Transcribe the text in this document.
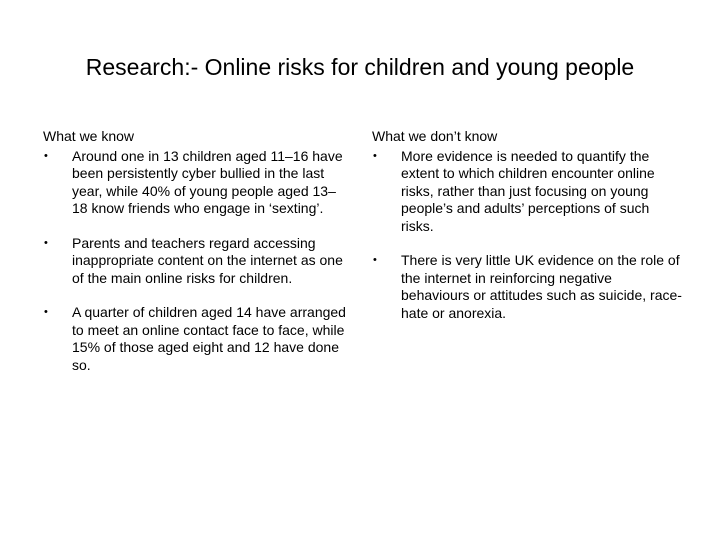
Research:- Online risks for children and young people
What we know
•	Around one in 13 children aged 11–16 have been persistently cyber bullied in the last year, while 40% of young people aged 13–18 know friends who engage in ‘sexting’.
•	Parents and teachers regard accessing inappropriate content on the internet as one of the main online risks for children.
•	A quarter of children aged 14 have arranged to meet an online contact face to face, while 15% of those aged eight and 12 have done so.
What we don’t know
•	More evidence is needed to quantify the extent to which children encounter online risks, rather than just focusing on young people’s and adults’ perceptions of such risks.
•	There is very little UK evidence on the role of the internet in reinforcing negative behaviours or attitudes such as suicide, race-hate or anorexia.
